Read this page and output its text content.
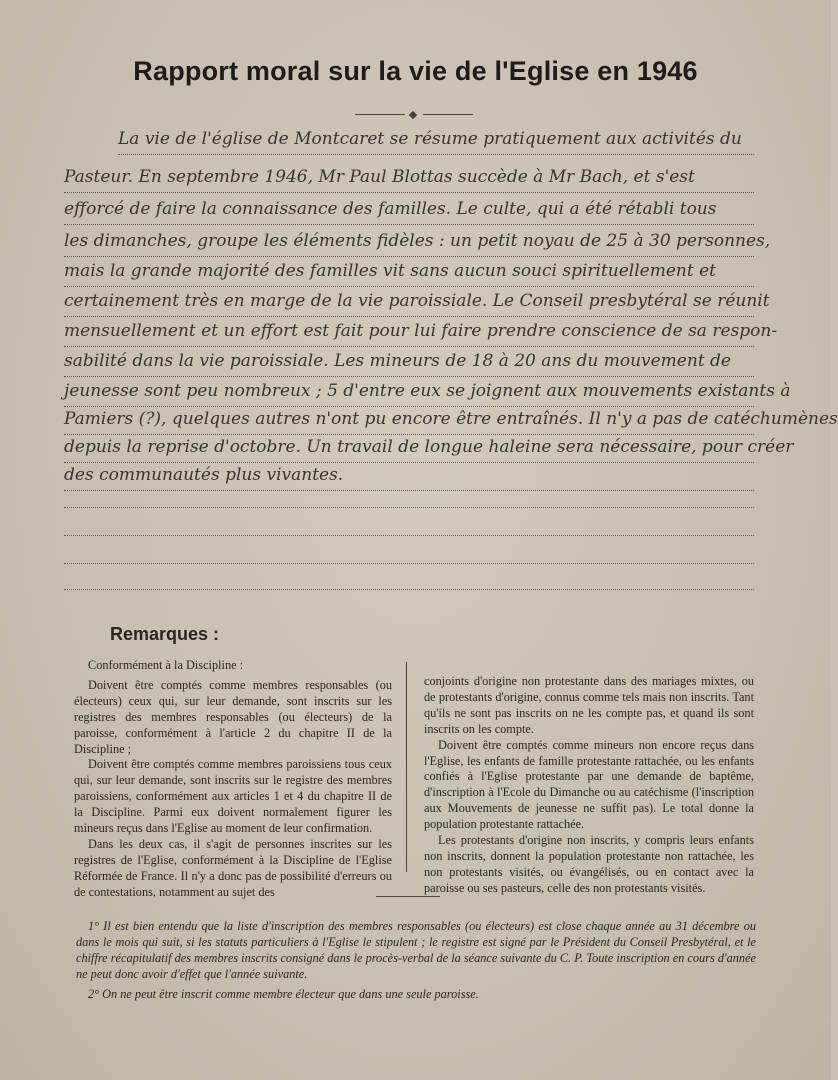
Rapport moral sur la vie de l'Eglise en 1946
La vie de l'église de Montcaret se résume pratiquement aux activités du
Pasteur. En septembre 1946, Mr Paul Blottas succède à Mr Bach, et s'est
efforcé de faire la connaissance des familles. Le culte, qui a été rétabli tous
les dimanches, groupe les éléments fidèles : un petit noyau de 25 à 30 personnes,
mais la grande majorité des familles vit sans aucun souci spirituellement et
certainement très en marge de la vie paroissiale. Le Conseil presbytéral se réunit
mensuellement et un effort est fait pour lui faire prendre conscience de sa respon-
sabilité dans la vie paroissiale. Les mineurs de 18 à 20 ans du mouvement de
jeunesse sont peu nombreux ; 5 d'entre eux se joignent aux mouvements existants à
Pamiers (?), quelques autres n'ont pu encore être entraînés. Il n'y a pas de catéchumènes
depuis la reprise d'octobre. Un travail de longue haleine sera nécessaire, pour créer
des communautés plus vivantes.
Remarques :

Conformément à la Discipline :

Doivent être comptés comme membres responsables (ou électeurs) ceux qui, sur leur demande, sont inscrits sur les registres des membres responsables (ou électeurs) de la paroisse, conformément à l'article 2 du chapitre II de la Discipline ;

Doivent être comptés comme membres paroissiens tous ceux qui, sur leur demande, sont inscrits sur le registre des membres paroissiens, conformément aux articles 1 et 4 du chapitre II de la Discipline. Parmi eux doivent normalement figurer les mineurs reçus dans l'Eglise au moment de leur confirmation.

Dans les deux cas, il s'agit de personnes inscrites sur les registres de l'Eglise, conformément à la Discipline de l'Eglise Réformée de France. Il n'y a donc pas de possibilité d'erreurs ou de contestations, notamment au sujet des

conjoints d'origine non protestante dans des mariages mixtes, ou de protestants d'origine, connus comme tels mais non inscrits. Tant qu'ils ne sont pas inscrits on ne les compte pas, et quand ils sont inscrits on les compte.

Doivent être comptés comme mineurs non encore reçus dans l'Eglise, les enfants de famille protestante rattachée, ou les enfants confiés à l'Eglise protestante par une demande de baptême, d'inscription à l'Ecole du Dimanche ou au catéchisme (l'inscription aux Mouvements de jeunesse ne suffit pas). Le total donne la population protestante rattachée.

Les protestants d'origine non inscrits, y compris leurs enfants non inscrits, donnent la population protestante non rattachée, les non protestants visités, ou évangélisés, ou en contact avec la paroisse ou ses pasteurs, celle des non protestants visités.

1° Il est bien entendu que la liste d'inscription des membres responsables (ou électeurs) est close chaque année au 31 décembre ou dans le mois qui suit, si les statuts particuliers à l'Eglise le stipulent ; le registre est signé par le Président du Conseil Presbytéral, et le chiffre récapitulatif des membres inscrits consigné dans le procès-verbal de la séance suivante du C. P. Toute inscription en cours d'année ne peut donc avoir d'effet que l'année suivante.

2° On ne peut être inscrit comme membre électeur que dans une seule paroisse.
